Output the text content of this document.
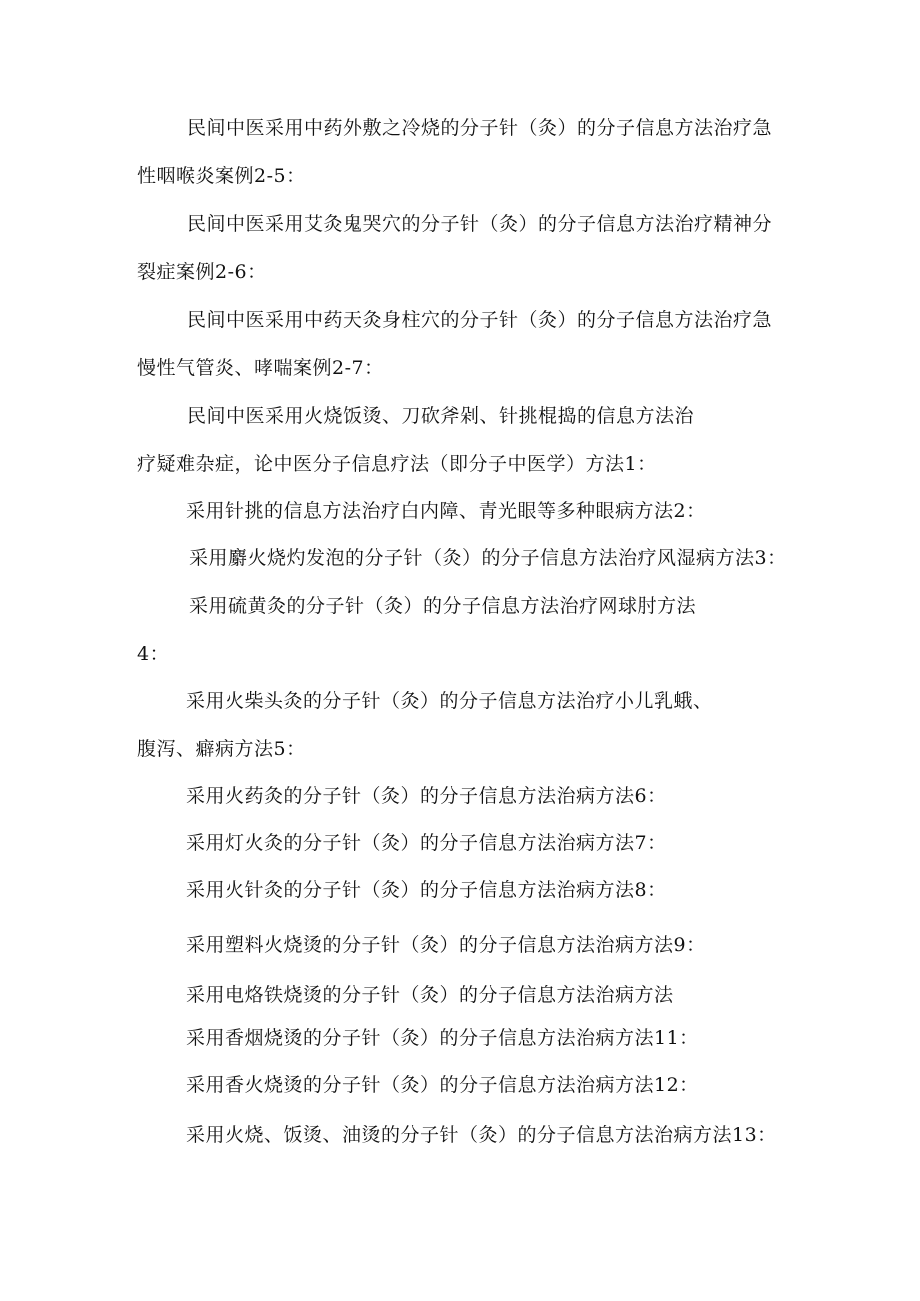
民间中医采用中药外敷之冷烧的分子针（灸）的分子信息方法治疗急
性咽喉炎案例2-5：
民间中医采用艾灸鬼哭穴的分子针（灸）的分子信息方法治疗精神分
裂症案例2-6：
民间中医采用中药天灸身柱穴的分子针（灸）的分子信息方法治疗急
慢性气管炎、哮喘案例2-7：
民间中医采用火烧饭烫、刀砍斧剁、针挑棍捣的信息方法治
疗疑难杂症，论中医分子信息疗法（即分子中医学）方法1：
采用针挑的信息方法治疗白内障、青光眼等多种眼病方法2：
采用麝火烧灼发泡的分子针（灸）的分子信息方法治疗风湿病方法3：
采用硫黄灸的分子针（灸）的分子信息方法治疗网球肘方法
4：
采用火柴头灸的分子针（灸）的分子信息方法治疗小儿乳蛾、
腹泻、癖病方法5：
采用火药灸的分子针（灸）的分子信息方法治病方法6：
采用灯火灸的分子针（灸）的分子信息方法治病方法7：
采用火针灸的分子针（灸）的分子信息方法治病方法8：
采用塑料火烧烫的分子针（灸）的分子信息方法治病方法9：
采用电烙铁烧烫的分子针（灸）的分子信息方法治病方法
采用香烟烧烫的分子针（灸）的分子信息方法治病方法11：
采用香火烧烫的分子针（灸）的分子信息方法治病方法12：
采用火烧、饭烫、油烫的分子针（灸）的分子信息方法治病方法13：
